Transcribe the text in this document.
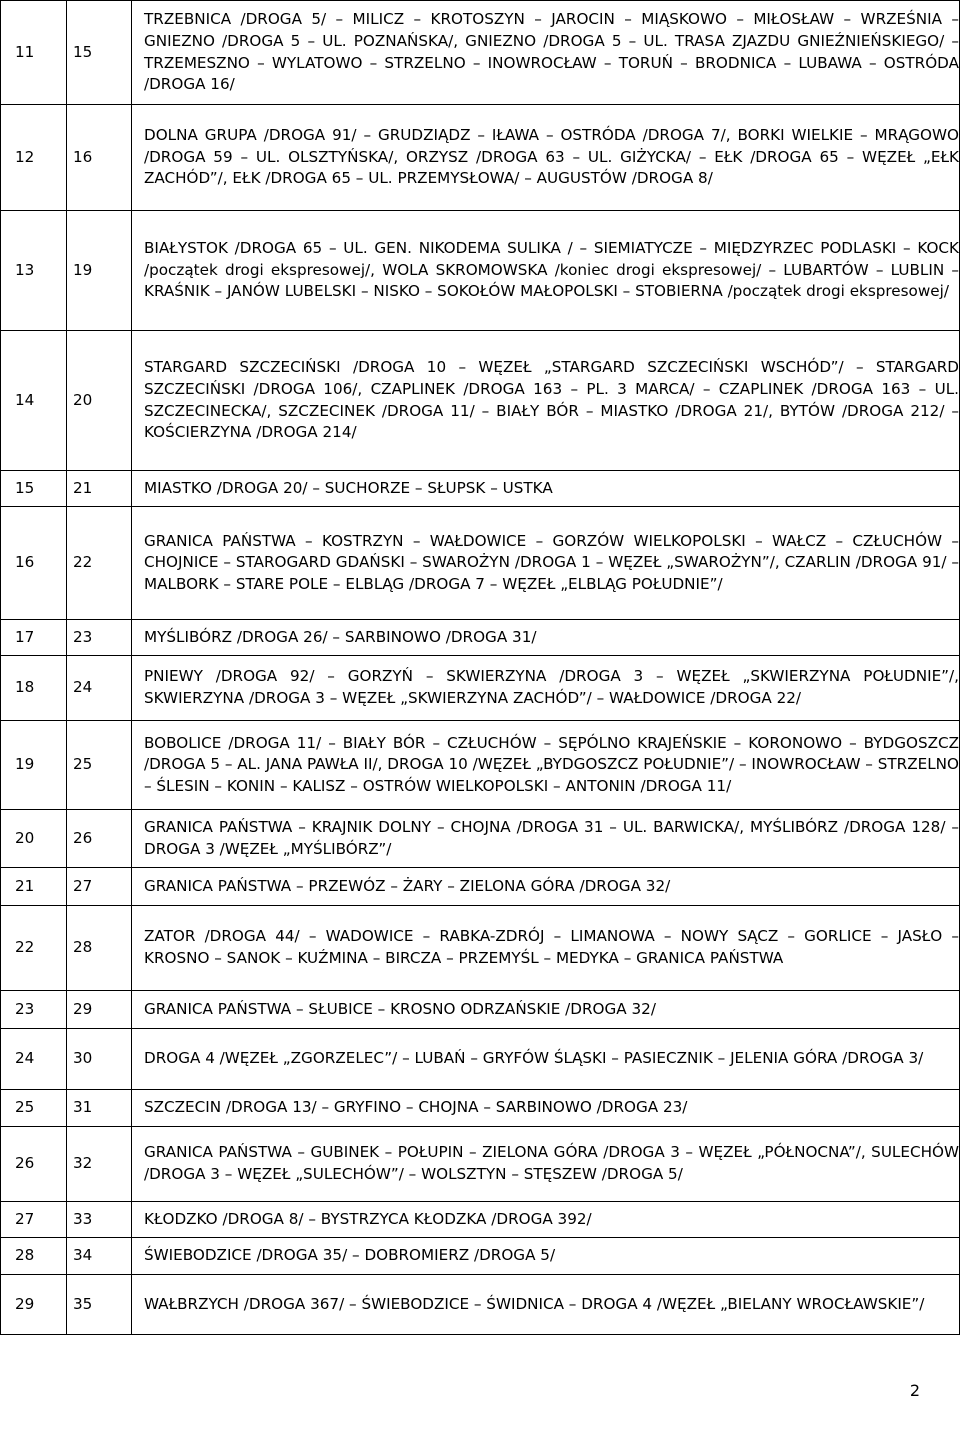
11	15	TRZEBNICA /DROGA 5/ – MILICZ – KROTOSZYN – JAROCIN – MIĄSKOWO – MIŁOSŁAW – WRZEŚNIA – GNIEZNO /DROGA 5 – UL. POZNAŃSKA/, GNIEZNO /DROGA 5 – UL. TRASA ZJAZDU GNIEŹNIEŃSKIEGO/ – TRZEMESZNO – WYLATOWO – STRZELNO – INOWROCŁAW – TORUŃ – BRODNICA – LUBAWA – OSTRÓDA /DROGA 16/

12	16	DOLNA GRUPA /DROGA 91/ – GRUDZIĄDZ – IŁAWA – OSTRÓDA /DROGA 7/, BORKI WIELKIE – MRĄGOWO /DROGA 59 – UL. OLSZTYŃSKA/, ORZYSZ /DROGA 63 – UL. GIŻYCKA/ – EŁK /DROGA 65 – WĘZEŁ „EŁK ZACHÓD”/, EŁK /DROGA 65 – UL. PRZEMYSŁOWA/ – AUGUSTÓW /DROGA 8/

13	19	BIAŁYSTOK /DROGA 65 – UL. GEN. NIKODEMA SULIKA / – SIEMIATYCZE – MIĘDZYRZEC PODLASKI – KOCK /początek drogi ekspresowej/, WOLA SKROMOWSKA /koniec drogi ekspresowej/ – LUBARTÓW – LUBLIN – KRAŚNIK – JANÓW LUBELSKI – NISKO – SOKOŁÓW MAŁOPOLSKI – STOBIERNA /początek drogi ekspresowej/

14	20	STARGARD SZCZECIŃSKI /DROGA 10 – WĘZEŁ „STARGARD SZCZECIŃSKI WSCHÓD”/ – STARGARD SZCZECIŃSKI /DROGA 106/, CZAPLINEK /DROGA 163 – PL. 3 MARCA/ – CZAPLINEK /DROGA 163 – UL. SZCZECINECKA/, SZCZECINEK /DROGA 11/ – BIAŁY BÓR – MIASTKO /DROGA 21/, BYTÓW /DROGA 212/ – KOŚCIERZYNA /DROGA 214/

15	21	MIASTKO /DROGA 20/ – SUCHORZE – SŁUPSK – USTKA

16	22	GRANICA PAŃSTWA – KOSTRZYN – WAŁDOWICE – GORZÓW WIELKOPOLSKI – WAŁCZ – CZŁUCHÓW – CHOJNICE – STAROGARD GDAŃSKI – SWAROŻYN /DROGA 1 – WĘZEŁ „SWAROŻYN”/, CZARLIN /DROGA 91/ – MALBORK – STARE POLE – ELBLĄG /DROGA 7 – WĘZEŁ „ELBLĄG POŁUDNIE”/

17	23	MYŚLIBÓRZ /DROGA 26/ – SARBINOWO /DROGA 31/

18	24	PNIEWY /DROGA 92/ – GORZYŃ – SKWIERZYNA /DROGA 3 – WĘZEŁ „SKWIERZYNA POŁUDNIE”/, SKWIERZYNA /DROGA 3 – WĘZEŁ „SKWIERZYNA ZACHÓD”/ – WAŁDOWICE /DROGA 22/

19	25	BOBOLICE /DROGA 11/ – BIAŁY BÓR – CZŁUCHÓW – SĘPÓLNO KRAJEŃSKIE – KORONOWO – BYDGOSZCZ /DROGA 5 – AL. JANA PAWŁA II/, DROGA 10 /WĘZEŁ „BYDGOSZCZ POŁUDNIE”/ – INOWROCŁAW – STRZELNO – ŚLESIN – KONIN – KALISZ – OSTRÓW WIELKOPOLSKI – ANTONIN /DROGA 11/

20	26	GRANICA PAŃSTWA – KRAJNIK DOLNY – CHOJNA /DROGA 31 – UL. BARWICKA/, MYŚLIBÓRZ /DROGA 128/ – DROGA 3 /WĘZEŁ „MYŚLIBÓRZ”/

21	27	GRANICA PAŃSTWA – PRZEWÓZ – ŻARY – ZIELONA GÓRA /DROGA 32/

22	28	ZATOR /DROGA 44/ – WADOWICE – RABKA-ZDRÓJ – LIMANOWA – NOWY SĄCZ – GORLICE – JASŁO – KROSNO – SANOK – KUŹMINA – BIRCZA – PRZEMYŚL – MEDYKA – GRANICA PAŃSTWA

23	29	GRANICA PAŃSTWA – SŁUBICE – KROSNO ODRZAŃSKIE /DROGA 32/

24	30	DROGA 4 /WĘZEŁ „ZGORZELEC”/ – LUBAŃ – GRYFÓW ŚLĄSKI – PASIECZNIK – JELENIA GÓRA /DROGA 3/

25	31	SZCZECIN /DROGA 13/ – GRYFINO – CHOJNA – SARBINOWO /DROGA 23/

26	32	GRANICA PAŃSTWA – GUBINEK – POŁUPIN – ZIELONA GÓRA /DROGA 3 – WĘZEŁ „PÓŁNOCNA”/, SULECHÓW /DROGA 3 – WĘZEŁ „SULECHÓW”/ – WOLSZTYN – STĘSZEW /DROGA 5/

27	33	KŁODZKO /DROGA 8/ – BYSTRZYCA KŁODZKA /DROGA 392/

28	34	ŚWIEBODZICE /DROGA 35/ – DOBROMIERZ /DROGA 5/

29	35	WAŁBRZYCH /DROGA 367/ – ŚWIEBODZICE – ŚWIDNICA – DROGA 4 /WĘZEŁ „BIELANY WROCŁAWSKIE”/
2
